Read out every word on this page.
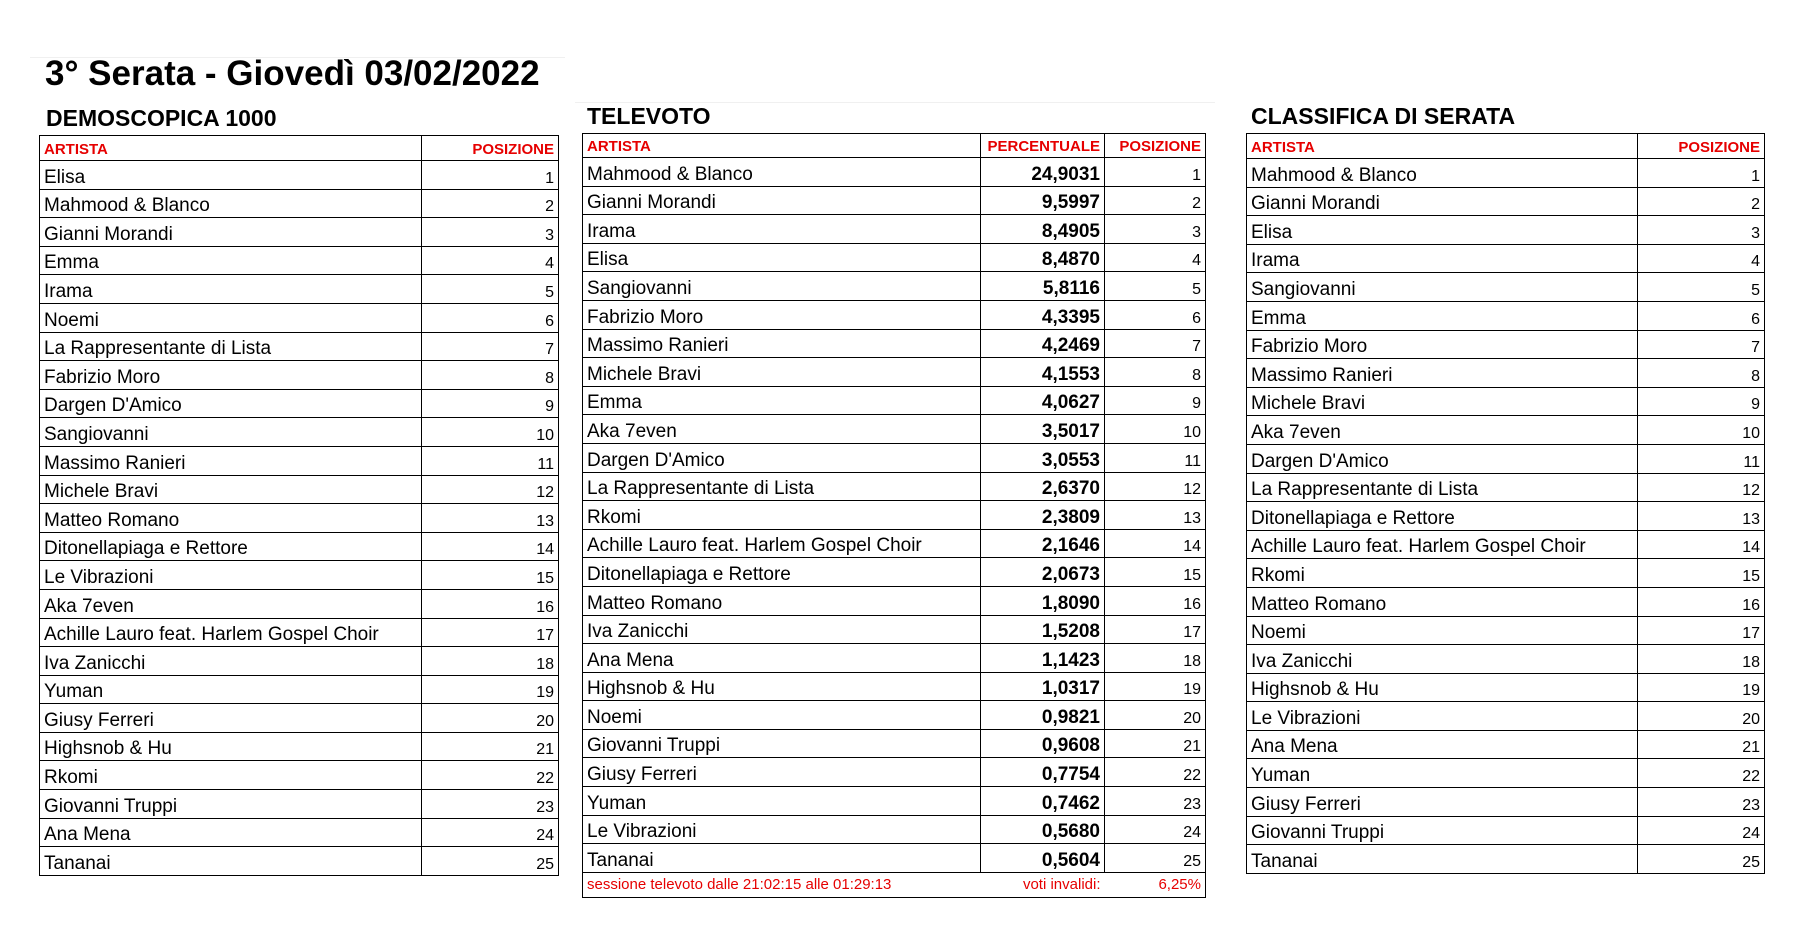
3° Serata - Giovedì 03/02/2022
DEMOSCOPICA 1000	TELEVOTO	CLASSIFICA DI SERATA
ARTISTA	POSIZIONE
Elisa	1
Mahmood & Blanco	2
Gianni Morandi	3
Emma	4
Irama	5
Noemi	6
La Rappresentante di Lista	7
Fabrizio Moro	8
Dargen D'Amico	9
Sangiovanni	10
Massimo Ranieri	11
Michele Bravi	12
Matteo Romano	13
Ditonellapiaga e Rettore	14
Le Vibrazioni	15
Aka 7even	16
Achille Lauro feat. Harlem Gospel Choir	17
Iva Zanicchi	18
Yuman	19
Giusy Ferreri	20
Highsnob & Hu	21
Rkomi	22
Giovanni Truppi	23
Ana Mena	24
Tananai	25
ARTISTA	PERCENTUALE	POSIZIONE
Mahmood & Blanco	24,9031	1
Gianni Morandi	9,5997	2
Irama	8,4905	3
Elisa	8,4870	4
Sangiovanni	5,8116	5
Fabrizio Moro	4,3395	6
Massimo Ranieri	4,2469	7
Michele Bravi	4,1553	8
Emma	4,0627	9
Aka 7even	3,5017	10
Dargen D'Amico	3,0553	11
La Rappresentante di Lista	2,6370	12
Rkomi	2,3809	13
Achille Lauro feat. Harlem Gospel Choir	2,1646	14
Ditonellapiaga e Rettore	2,0673	15
Matteo Romano	1,8090	16
Iva Zanicchi	1,5208	17
Ana Mena	1,1423	18
Highsnob & Hu	1,0317	19
Noemi	0,9821	20
Giovanni Truppi	0,9608	21
Giusy Ferreri	0,7754	22
Yuman	0,7462	23
Le Vibrazioni	0,5680	24
Tananai	0,5604	25
sessione televoto dalle 21:02:15 alle 01:29:13	voti invalidi:	6,25%
ARTISTA	POSIZIONE
Mahmood & Blanco	1
Gianni Morandi	2
Elisa	3
Irama	4
Sangiovanni	5
Emma	6
Fabrizio Moro	7
Massimo Ranieri	8
Michele Bravi	9
Aka 7even	10
Dargen D'Amico	11
La Rappresentante di Lista	12
Ditonellapiaga e Rettore	13
Achille Lauro feat. Harlem Gospel Choir	14
Rkomi	15
Matteo Romano	16
Noemi	17
Iva Zanicchi	18
Highsnob & Hu	19
Le Vibrazioni	20
Ana Mena	21
Yuman	22
Giusy Ferreri	23
Giovanni Truppi	24
Tananai	25
